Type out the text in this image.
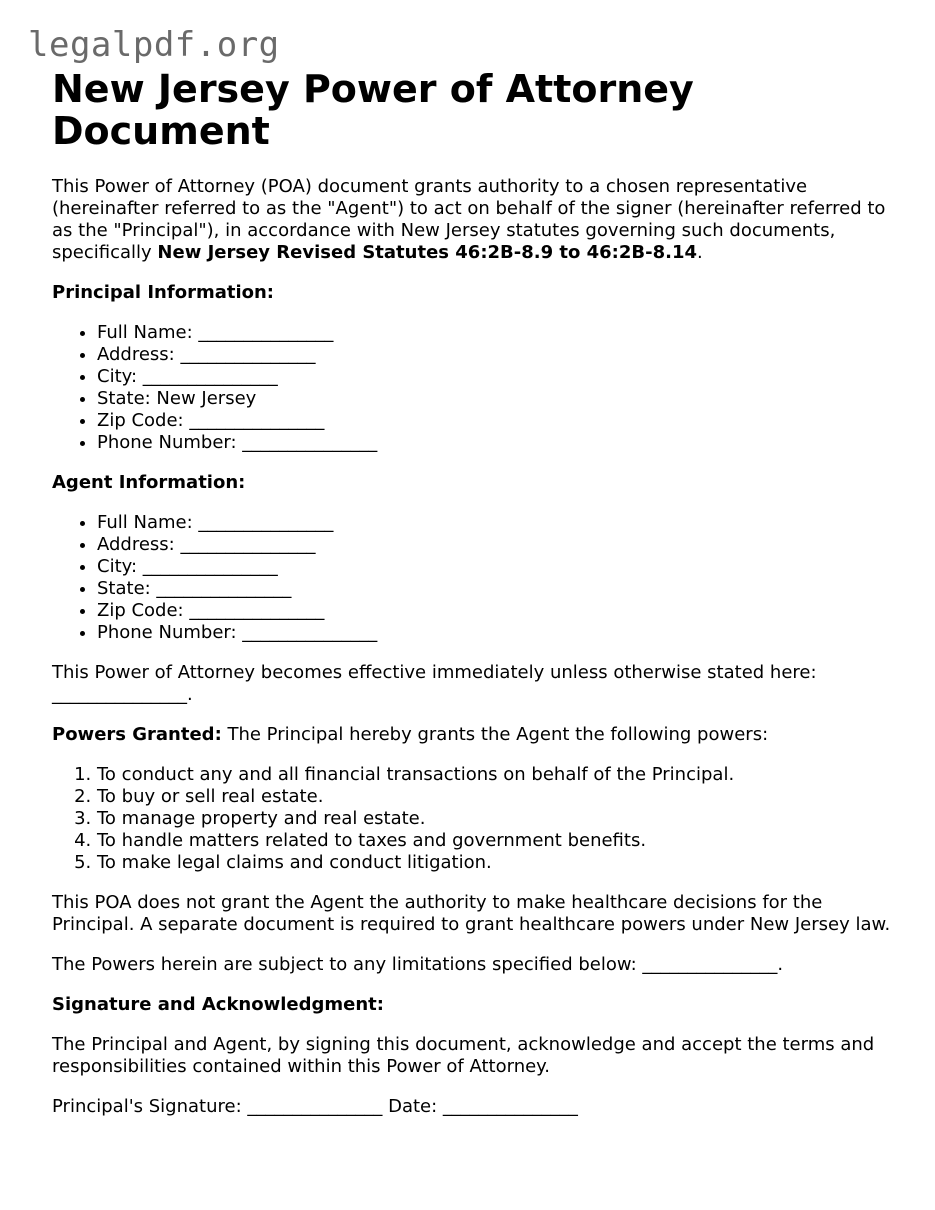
legalpdf.org
New Jersey Power of Attorney Document

This Power of Attorney (POA) document grants authority to a chosen representative (hereinafter referred to as the "Agent") to act on behalf of the signer (hereinafter referred to as the "Principal"), in accordance with New Jersey statutes governing such documents, specifically New Jersey Revised Statutes 46:2B-8.9 to 46:2B-8.14.

Principal Information:

• Full Name: _______________
• Address: _______________
• City: _______________
• State: New Jersey
• Zip Code: _______________
• Phone Number: _______________

Agent Information:

• Full Name: _______________
• Address: _______________
• City: _______________
• State: _______________
• Zip Code: _______________
• Phone Number: _______________

This Power of Attorney becomes effective immediately unless otherwise stated here: _______________.

Powers Granted: The Principal hereby grants the Agent the following powers:

1. To conduct any and all financial transactions on behalf of the Principal.
2. To buy or sell real estate.
3. To manage property and real estate.
4. To handle matters related to taxes and government benefits.
5. To make legal claims and conduct litigation.

This POA does not grant the Agent the authority to make healthcare decisions for the Principal. A separate document is required to grant healthcare powers under New Jersey law.

The Powers herein are subject to any limitations specified below: _______________.

Signature and Acknowledgment:

The Principal and Agent, by signing this document, acknowledge and accept the terms and responsibilities contained within this Power of Attorney.

Principal's Signature: _______________ Date: _______________
